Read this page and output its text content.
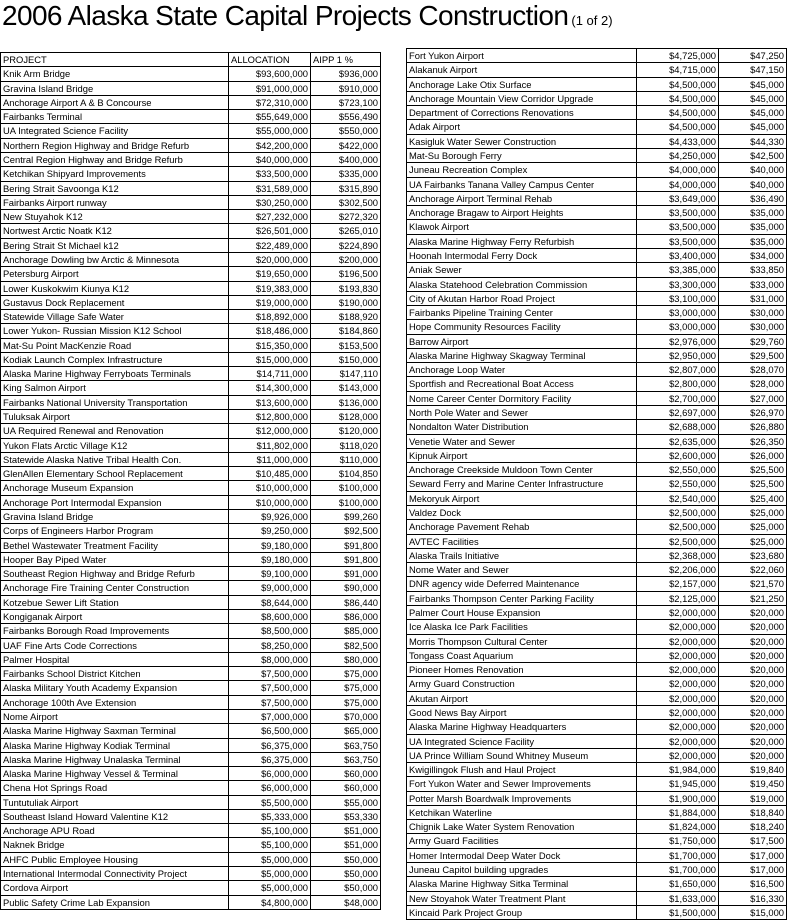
2006 Alaska State Capital Projects Construction (1 of 2)
PROJECT	ALLOCATION	AIPP 1 %
Knik Arm Bridge	$93,600,000	$936,000
Gravina Island Bridge	$91,000,000	$910,000
Anchorage Airport A & B Concourse	$72,310,000	$723,100
Fairbanks Terminal	$55,649,000	$556,490
UA Integrated Science Facility	$55,000,000	$550,000
Northern Region Highway and Bridge Refurb	$42,200,000	$422,000
Central Region Highway and Bridge Refurb	$40,000,000	$400,000
Ketchikan Shipyard Improvements	$33,500,000	$335,000
Bering Strait Savoonga K12	$31,589,000	$315,890
Fairbanks Airport runway	$30,250,000	$302,500
New Stuyahok K12	$27,232,000	$272,320
Nortwest Arctic Noatk K12	$26,501,000	$265,010
Bering Strait St Michael k12	$22,489,000	$224,890
Anchorage Dowling bw Arctic & Minnesota	$20,000,000	$200,000
Petersburg Airport	$19,650,000	$196,500
Lower Kuskokwim Kiunya K12	$19,383,000	$193,830
Gustavus Dock Replacement	$19,000,000	$190,000
Statewide Village Safe Water	$18,892,000	$188,920
Lower Yukon- Russian Mission K12 School	$18,486,000	$184,860
Mat-Su Point MacKenzie Road	$15,350,000	$153,500
Kodiak Launch Complex Infrastructure	$15,000,000	$150,000
Alaska Marine Highway Ferryboats Terminals	$14,711,000	$147,110
King Salmon Airport	$14,300,000	$143,000
Fairbanks National University Transportation	$13,600,000	$136,000
Tuluksak Airport	$12,800,000	$128,000
UA Required Renewal and Renovation	$12,000,000	$120,000
Yukon Flats Arctic Village K12	$11,802,000	$118,020
Statewide Alaska Native Tribal Health Con.	$11,000,000	$110,000
GlenAllen Elementary School Replacement	$10,485,000	$104,850
Anchorage Museum Expansion	$10,000,000	$100,000
Anchorage Port Intermodal Expansion	$10,000,000	$100,000
Gravina Island Bridge	$9,926,000	$99,260
Corps of Engineers Harbor Program	$9,250,000	$92,500
Bethel Wastewater Treatment Facility	$9,180,000	$91,800
Hooper Bay Piped Water	$9,180,000	$91,800
Southeast Region Highway and Bridge Refurb	$9,100,000	$91,000
Anchorage Fire Training Center Construction	$9,000,000	$90,000
Kotzebue Sewer Lift Station	$8,644,000	$86,440
Kongiganak Airport	$8,600,000	$86,000
Fairbanks Borough Road Improvements	$8,500,000	$85,000
UAF Fine Arts Code Corrections	$8,250,000	$82,500
Palmer Hospital	$8,000,000	$80,000
Fairbanks School District Kitchen	$7,500,000	$75,000
Alaska Military Youth Academy Expansion	$7,500,000	$75,000
Anchorage 100th Ave Extension	$7,500,000	$75,000
Nome Airport	$7,000,000	$70,000
Alaska Marine Highway Saxman Terminal	$6,500,000	$65,000
Alaska Marine Highway Kodiak Terminal	$6,375,000	$63,750
Alaska Marine Highway Unalaska Terminal	$6,375,000	$63,750
Alaska Marine Highway Vessel & Terminal	$6,000,000	$60,000
Chena Hot Springs Road	$6,000,000	$60,000
Tuntutuliak Airport	$5,500,000	$55,000
Southeast Island Howard Valentine K12	$5,333,000	$53,330
Anchorage APU Road	$5,100,000	$51,000
Naknek Bridge	$5,100,000	$51,000
AHFC Public Employee Housing	$5,000,000	$50,000
International Intermodal Connectivity Project	$5,000,000	$50,000
Cordova Airport	$5,000,000	$50,000
Public Safety Crime Lab Expansion	$4,800,000	$48,000
Fort Yukon Airport	$4,725,000	$47,250
Alakanuk Airport	$4,715,000	$47,150
Anchorage Lake Otix Surface	$4,500,000	$45,000
Anchorage Mountain View Corridor Upgrade	$4,500,000	$45,000
Department of Corrections Renovations	$4,500,000	$45,000
Adak Airport	$4,500,000	$45,000
Kasigluk Water Sewer Construction	$4,433,000	$44,330
Mat-Su Borough Ferry	$4,250,000	$42,500
Juneau Recreation Complex	$4,000,000	$40,000
UA Fairbanks Tanana Valley Campus Center	$4,000,000	$40,000
Anchorage Airport Terminal Rehab	$3,649,000	$36,490
Anchorage Bragaw to Airport Heights	$3,500,000	$35,000
Klawok Airport	$3,500,000	$35,000
Alaska Marine Highway Ferry Refurbish	$3,500,000	$35,000
Hoonah Intermodal Ferry Dock	$3,400,000	$34,000
Aniak Sewer	$3,385,000	$33,850
Alaska Statehood Celebration Commission	$3,300,000	$33,000
City of Akutan Harbor Road Project	$3,100,000	$31,000
Fairbanks Pipeline Training Center	$3,000,000	$30,000
Hope Community Resources Facility	$3,000,000	$30,000
Barrow Airport	$2,976,000	$29,760
Alaska Marine Highway Skagway Terminal	$2,950,000	$29,500
Anchorage Loop Water	$2,807,000	$28,070
Sportfish and Recreational Boat Access	$2,800,000	$28,000
Nome Career Center Dormitory Facility	$2,700,000	$27,000
North Pole Water and Sewer	$2,697,000	$26,970
Nondalton Water Distribution	$2,688,000	$26,880
Venetie Water and Sewer	$2,635,000	$26,350
Kipnuk Airport	$2,600,000	$26,000
Anchorage Creekside Muldoon Town Center	$2,550,000	$25,500
Seward Ferry and Marine Center Infrastructure	$2,550,000	$25,500
Mekoryuk Airport	$2,540,000	$25,400
Valdez Dock	$2,500,000	$25,000
Anchorage Pavement Rehab	$2,500,000	$25,000
AVTEC Facilities	$2,500,000	$25,000
Alaska Trails Initiative	$2,368,000	$23,680
Nome Water and Sewer	$2,206,000	$22,060
DNR agency wide Deferred Maintenance	$2,157,000	$21,570
Fairbanks Thompson Center Parking Facility	$2,125,000	$21,250
Palmer Court House Expansion	$2,000,000	$20,000
Ice Alaska Ice Park Facilities	$2,000,000	$20,000
Morris Thompson Cultural Center	$2,000,000	$20,000
Tongass Coast Aquarium	$2,000,000	$20,000
Pioneer Homes Renovation	$2,000,000	$20,000
Army Guard Construction	$2,000,000	$20,000
Akutan Airport	$2,000,000	$20,000
Good News Bay Airport	$2,000,000	$20,000
Alaska Marine Highway Headquarters	$2,000,000	$20,000
UA Integrated Science Facility	$2,000,000	$20,000
UA Prince William Sound Whitney Museum	$2,000,000	$20,000
Kwigillingok Flush and Haul Project	$1,984,000	$19,840
Fort Yukon Water and Sewer Improvements	$1,945,000	$19,450
Potter Marsh Boardwalk Improvements	$1,900,000	$19,000
Ketchikan Waterline	$1,884,000	$18,840
Chignik Lake Water System Renovation	$1,824,000	$18,240
Army Guard Facilities	$1,750,000	$17,500
Homer Intermodal Deep Water Dock	$1,700,000	$17,000
Juneau Capitol building upgrades	$1,700,000	$17,000
Alaska Marine Highway Sitka Terminal	$1,650,000	$16,500
New Stoyahok Water Treatment Plant	$1,633,000	$16,330
Kincaid Park Project Group	$1,500,000	$15,000
